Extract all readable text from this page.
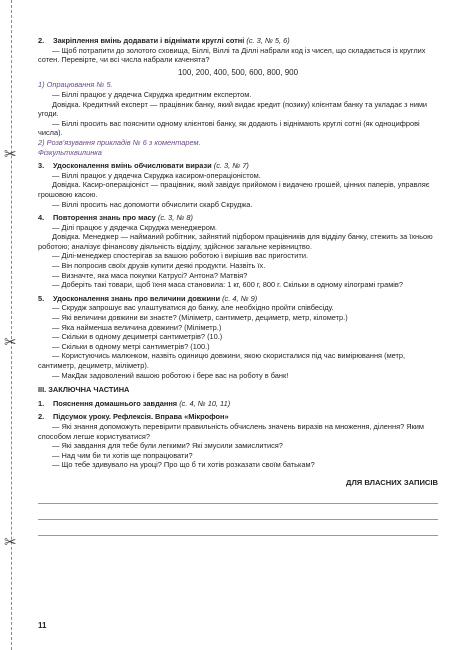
✂
✂
✂

2. Закріплення вмінь додавати і віднімати круглі сотні (с. 3, № 5, 6)

— Щоб потрапити до золотого сховища, Біллі, Віллі та Діллі набрали код із чисел, що складається із круглих сотен. Перевірте, чи всі числа набрали каченята?

100, 200, 400, 500, 600, 800, 900

1) Опрацювання № 5.

— Біллі працює у дядечка Скруджа кредитним експертом.

Довідка. Кредитний експерт — працівник банку, який видає кредит (позику) клієнтам банку та укладає з ними угоди.

— Біллі просить вас пояснити одному клієнтові банку, як додають і віднімають круглі сотні (як одноцифрові числа).

2) Розв'язування прикладів № 6 з коментарем.

Фізкультхвилинка

3. Удосконалення вмінь обчислювати вирази (с. 3, № 7)

— Віллі працює у дядечка Скруджа касиром-операціоністом.

Довідка. Касир-операціоніст — працівник, який завідує прийомом і видачею грошей, цінних паперів, управляє грошовою касою.

— Віллі просить нас допомогти обчислити скарб Скруджа.

4. Повторення знань про масу (с. 3, № 8)

— Ділі працює у дядечка Скруджа менеджером.

Довідка. Менеджер — найманий робітник, зайнятий підбором працівників для відділу банку, стежить за їхньою роботою; аналізує фінансову діяльність відділу, здійснює загальне керівництво.

— Ділі-менеджер спостерігав за вашою роботою і вирішив вас пригостити.

— Він попросив своїх друзів купити деякі продукти. Назвіть їх.

— Визначте, яка маса покупки Катрусі? Антона? Матвія?

— Доберіть такі товари, щоб їхня маса становила: 1 кг, 600 г, 800 г. Скільки в одному кілограмі грамів?

5. Удосконалення знань про величини довжини (с. 4, № 9)

— Скрудж запрошує вас улаштуватися до банку, але необхідно пройти співбесіду.

— Які величини довжини ви знаєте? (Міліметр, сантиметр, дециметр, метр, кілометр.)

— Яка найменша величина довжини? (Міліметр.)

— Скільки в одному дециметрі сантиметрів? (10.)

— Скільки в одному метрі сантиметрів? (100.)

— Користуючись малюнком, назвіть одиницю довжини, якою скористалися під час вимірювання (метр, сантиметр, дециметр, міліметр).

— МакДак задоволений вашою роботою і бере вас на роботу в банк!

III. ЗАКЛЮЧНА ЧАСТИНА

1. Пояснення домашнього завдання (с. 4, № 10, 11)

2. Підсумок уроку. Рефлексія. Вправа «Мікрофон»

— Які знання допоможуть перевірити правильність обчислень значень виразів на множення, ділення? Яким способом легше користуватися?

— Які завдання для тебе були легкими? Які змусили замислитися?

— Над чим би ти хотів ще попрацювати?

— Що тебе здивувало на уроці? Про що б ти хотів розказати своїм батькам?

ДЛЯ ВЛАСНИХ ЗАПИСІВ

11
